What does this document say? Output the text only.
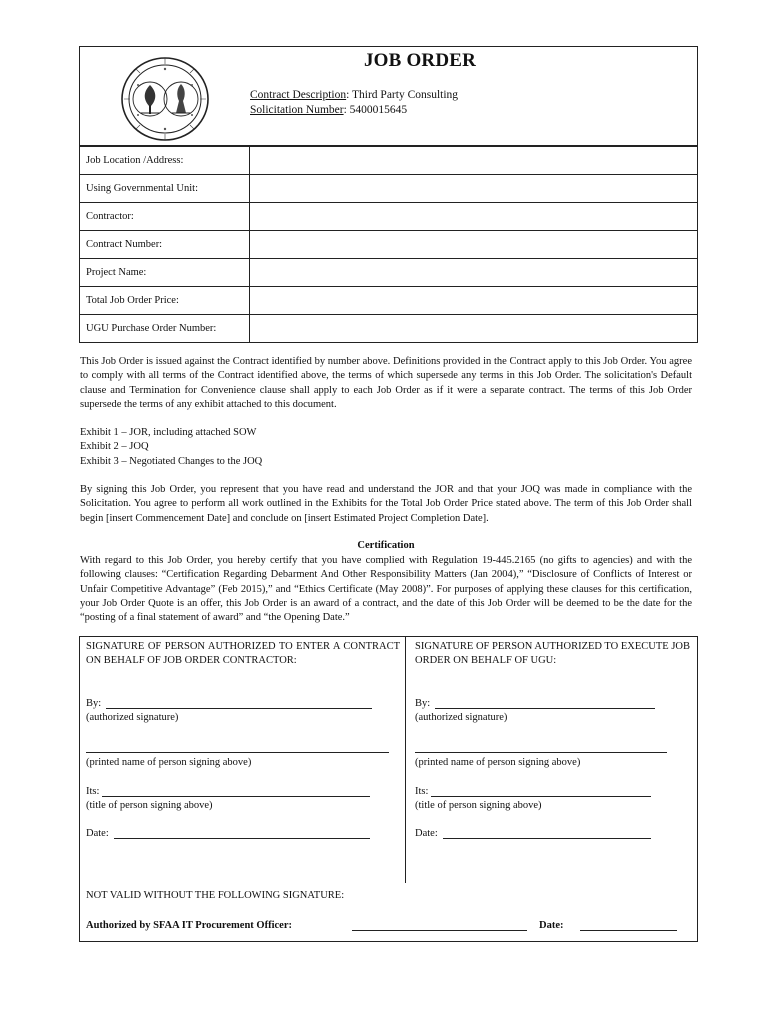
JOB ORDER
Contract Description: Third Party Consulting
Solicitation Number: 5400015645
Job Location /Address:	
Using Governmental Unit:	
Contractor:	
Contract Number:	
Project Name:	
Total Job Order Price:	
UGU Purchase Order Number:	
This Job Order is issued against the Contract identified by number above. Definitions provided in the Contract apply to this Job Order. You agree to comply with all terms of the Contract identified above, the terms of which supersede any terms in this Job Order. The solicitation's Default clause and Termination for Convenience clause shall apply to each Job Order as if it were a separate contract. The terms of this Job Order supersede the terms of any exhibit attached to this document.
Exhibit 1 – JOR, including attached SOW
Exhibit 2 – JOQ
Exhibit 3 – Negotiated Changes to the JOQ
By signing this Job Order, you represent that you have read and understand the JOR and that your JOQ was made in compliance with the Solicitation. You agree to perform all work outlined in the Exhibits for the Total Job Order Price stated above. The term of this Job Order shall begin [insert Commencement Date] and conclude on [insert Estimated Project Completion Date].
Certification
With regard to this Job Order, you hereby certify that you have complied with Regulation 19-445.2165 (no gifts to agencies) and with the following clauses: “Certification Regarding Debarment And Other Responsibility Matters (Jan 2004),” “Disclosure of Conflicts of Interest or Unfair Competitive Advantage” (Feb 2015),” and “Ethics Certificate (May 2008)”. For purposes of applying these clauses for this certification, your Job Order Quote is an offer, this Job Order is an award of a contract, and the date of this Job Order will be deemed to be the date for the “posting of a final statement of award” and “the Opening Date.”
SIGNATURE OF PERSON AUTHORIZED TO ENTER A CONTRACT ON BEHALF OF JOB ORDER CONTRACTOR:
SIGNATURE OF PERSON AUTHORIZED TO EXECUTE JOB ORDER ON BEHALF OF UGU:
By:
(authorized signature)
(printed name of person signing above)
Its:
(title of person signing above)
Date:
By:
(authorized signature)
(printed name of person signing above)
Its:
(title of person signing above)
Date:
NOT VALID WITHOUT THE FOLLOWING SIGNATURE:
Authorized by SFAA IT Procurement Officer:	Date:
